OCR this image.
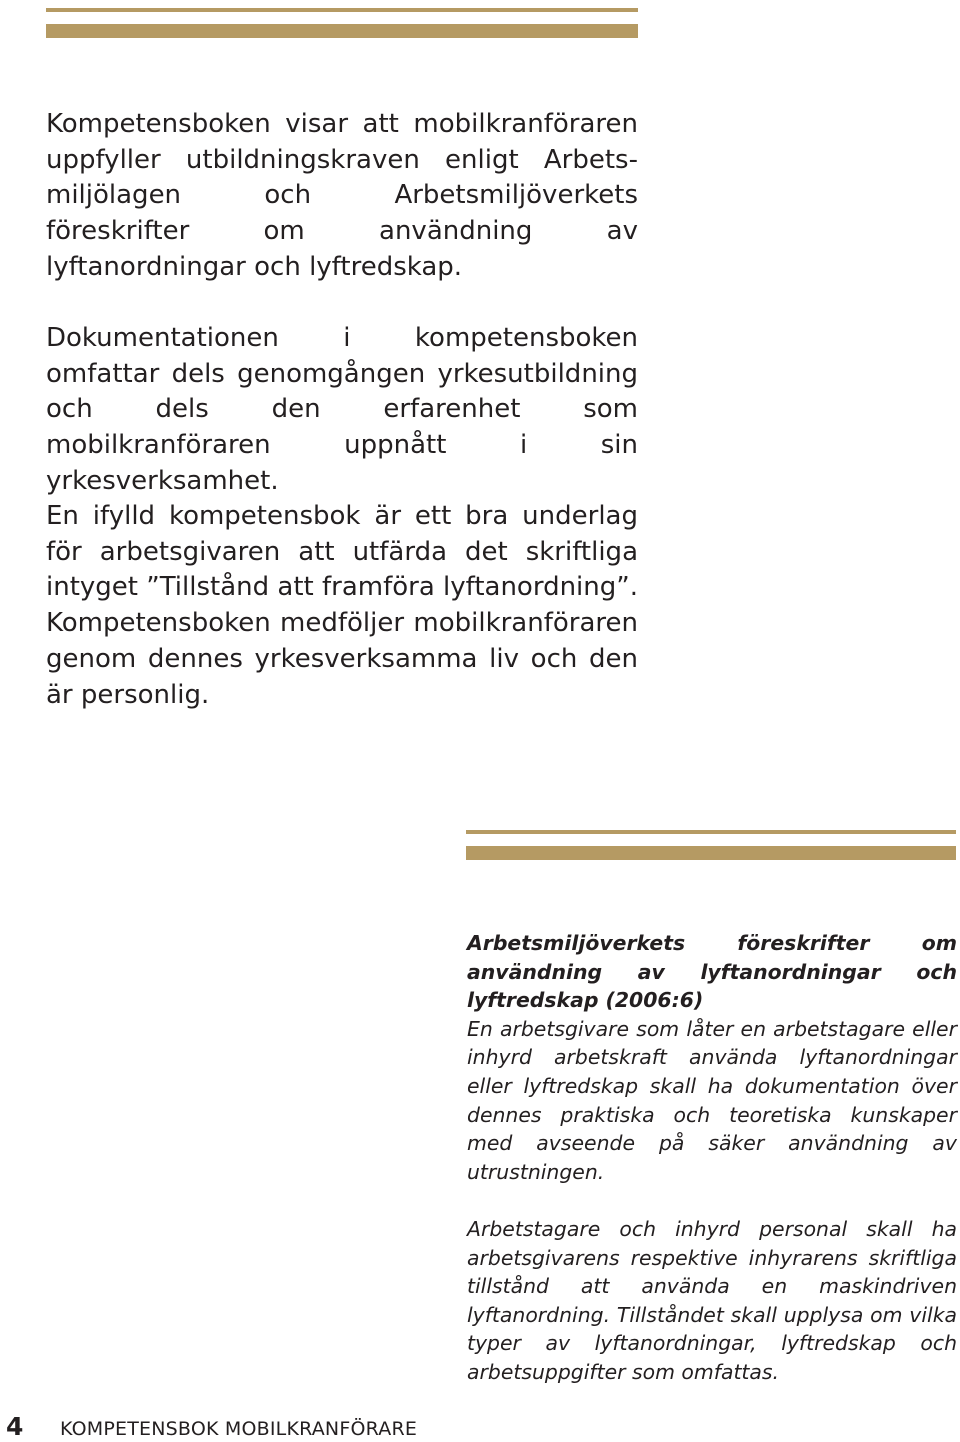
Kompetensboken visar att mobilkranföraren uppfyller utbildningskraven enligt Arbetsmiljölagen och Arbetsmiljöverkets föreskrifter om användning av lyftanordningar och lyftredskap.

Dokumentationen i kompetensboken omfattar dels genomgången yrkesutbildning och dels den erfarenhet som mobilkranföraren uppnått i sin yrkesverksamhet.

En ifylld kompetensbok är ett bra underlag för arbetsgivaren att utfärda det skriftliga intyget ”Tillstånd att framföra lyftanordning”. Kompetensboken medföljer mobilkranföraren genom dennes yrkesverksamma liv och den är personlig.

Arbetsmiljöverkets föreskrifter om användning av lyftanordningar och lyftredskap (2006:6)

En arbetsgivare som låter en arbetstagare eller inhyrd arbetskraft använda lyftanordningar eller lyftredskap skall ha dokumentation över dennes praktiska och teoretiska kunskaper med avseende på säker användning av utrustningen.

Arbetstagare och inhyrd personal skall ha arbetsgivarens respektive inhyrarens skriftliga tillstånd att använda en maskindriven lyftanordning. Tillståndet skall upplysa om vilka typer av lyftanordningar, lyftredskap och arbetsuppgifter som omfattas.

4 KOMPETENSBOK MOBILKRANFÖRARE
